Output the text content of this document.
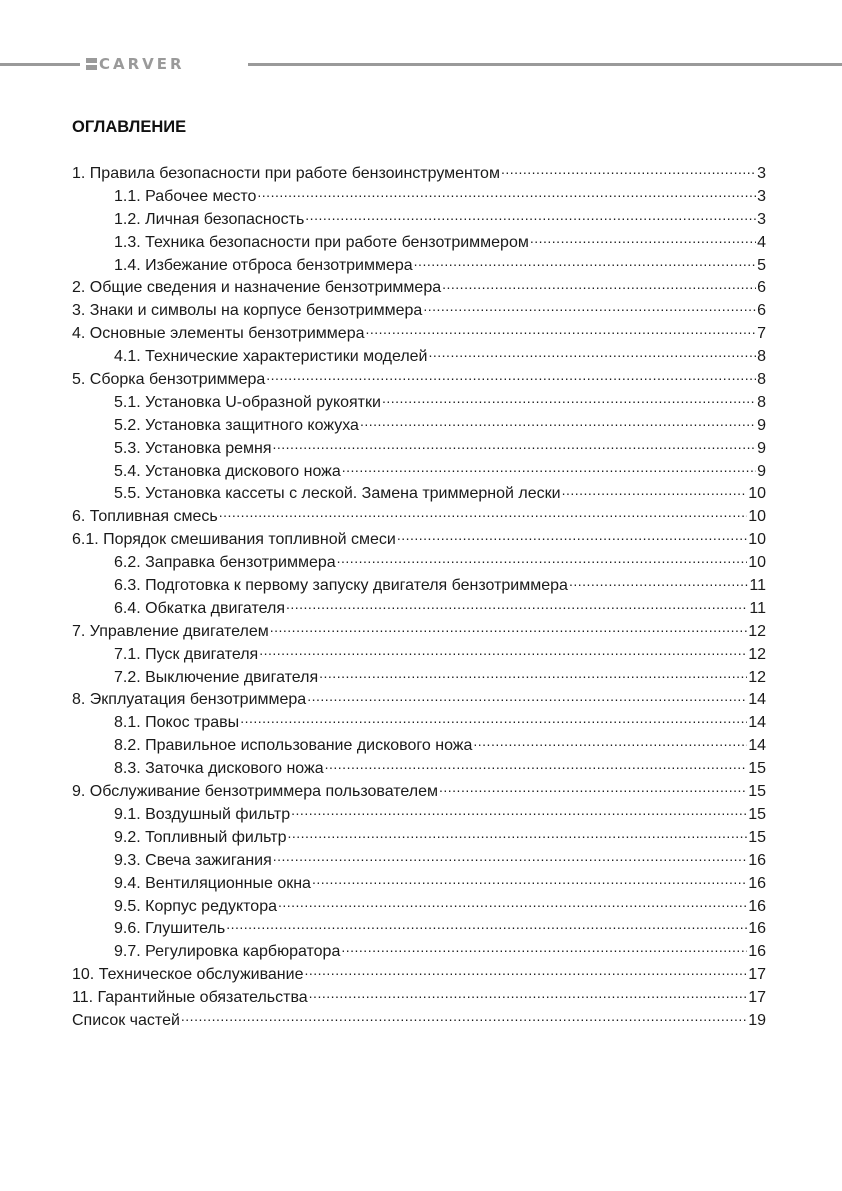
CARVER
ОГЛАВЛЕНИЕ
1. Правила безопасности при работе бензоинструментом .....	3
1.1. Рабочее место .....	3
1.2. Личная безопасность .....	3
1.3. Техника безопасности при работе бензотриммером .....	4
1.4. Избежание отброса бензотриммера .....	5
2. Общие сведения и назначение бензотриммера .....	6
3. Знаки и символы на корпусе бензотриммера .....	6
4. Основные элементы бензотриммера .....	7
4.1. Технические характеристики моделей .....	8
5. Сборка бензотриммера .....	8
5.1. Установка U-образной рукоятки .....	8
5.2. Установка защитного кожуха .....	9
5.3. Установка ремня .....	9
5.4. Установка дискового ножа .....	9
5.5. Установка кассеты с леской. Замена триммерной лески .....	10
6. Топливная смесь .....	10
6.1. Порядок смешивания топливной смеси .....	10
6.2. Заправка бензотриммера .....	10
6.3. Подготовка к первому запуску двигателя бензотриммера .....	11
6.4. Обкатка двигателя .....	11
7. Управление двигателем .....	12
7.1. Пуск двигателя .....	12
7.2. Выключение двигателя .....	12
8. Экплуатация бензотриммера .....	14
8.1. Покос травы .....	14
8.2. Правильное использование дискового ножа .....	14
8.3. Заточка дискового ножа .....	15
9. Обслуживание бензотриммера пользователем .....	15
9.1. Воздушный фильтр .....	15
9.2. Топливный фильтр .....	15
9.3. Свеча зажигания .....	16
9.4. Вентиляционные окна .....	16
9.5. Корпус редуктора .....	16
9.6. Глушитель .....	16
9.7. Регулировка карбюратора .....	16
10. Техническое обслуживание .....	17
11. Гарантийные обязательства .....	17
Список частей .....	19
